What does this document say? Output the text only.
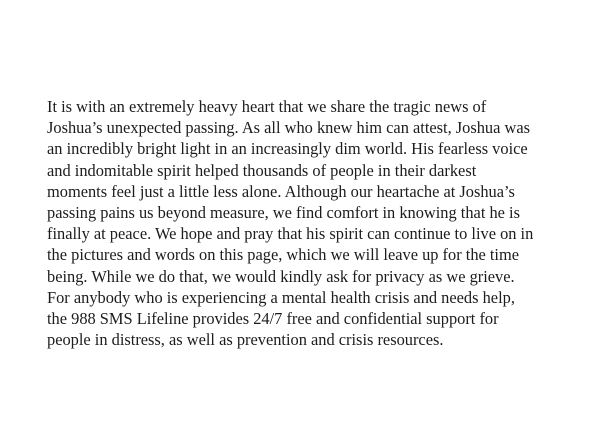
It is with an extremely heavy heart that we share the tragic news of
Joshua’s unexpected passing. As all who knew him can attest, Joshua was
an incredibly bright light in an increasingly dim world. His fearless voice
and indomitable spirit helped thousands of people in their darkest
moments feel just a little less alone. Although our heartache at Joshua’s
passing pains us beyond measure, we find comfort in knowing that he is
finally at peace. We hope and pray that his spirit can continue to live on in
the pictures and words on this page, which we will leave up for the time
being. While we do that, we would kindly ask for privacy as we grieve.
For anybody who is experiencing a mental health crisis and needs help,
the 988 SMS Lifeline provides 24/7 free and confidential support for
people in distress, as well as prevention and crisis resources.
